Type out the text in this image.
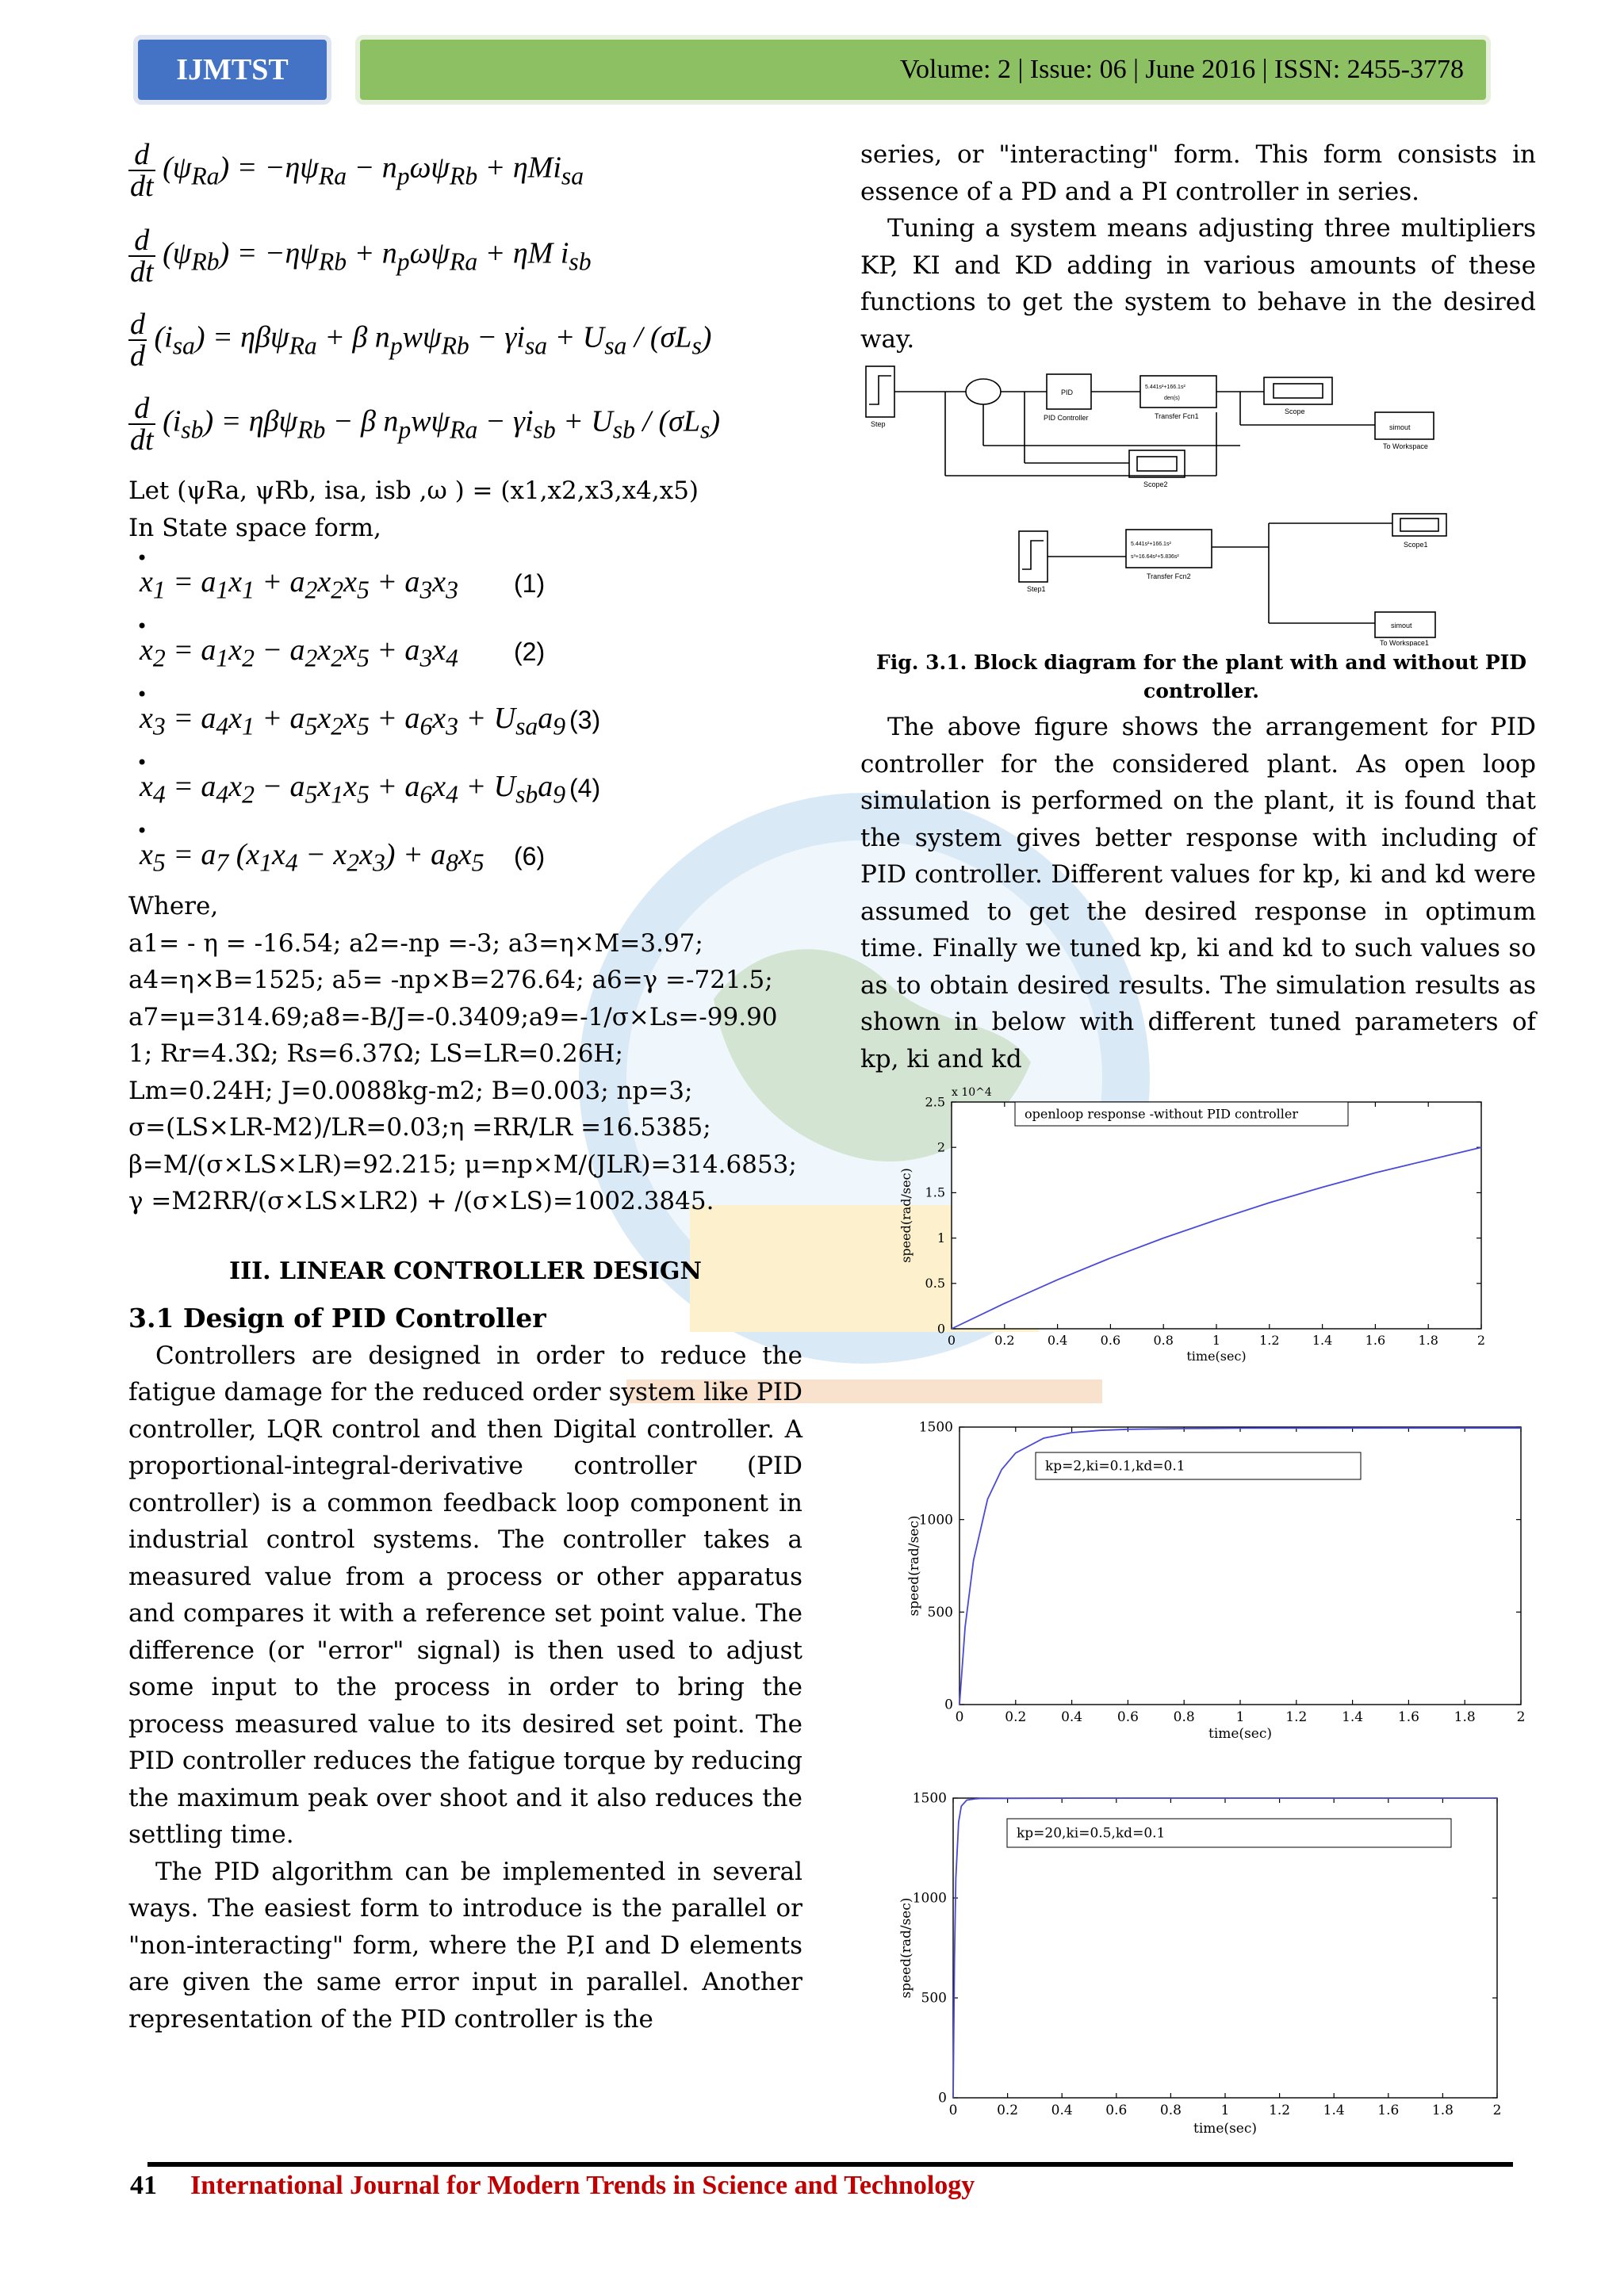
IJMTST	Volume: 2 | Issue: 06 | June 2016 | ISSN: 2455-3778
d
dt $(\psi_{Ra}) = -\eta\psi_{Ra} - n_p\omega\psi_{Rb} + \eta Mi_{sa}$
d
dt $(\psi_{Rb}) = -\eta\psi_{Rb} + n_p\omega\psi_{Ra} + \eta M$ $i_{sb}$
d
d $(i_{sa}) = \eta\beta\psi_{Ra} + \beta$ $n_pw\psi_{Rb} - \gamma i_{sa} + U_{sa} / (\sigma L_s)$
d
dt $(i_{sb}) = \eta\beta\psi_{Rb} - \beta$ $n_pw\psi_{Ra} - \gamma i_{sb} + U_{sb} / (\sigma L_s)$

Let (ψRa, ψRb, isa, isb ,ω ) = (x1,x2,x3,x4,x5)

In State space form,

•
$x_1 = a_1x_1 + a_2x_2x_5 + a_3x_3$ (1)
•
$x_2 = a_1x_2 - a_2x_2x_5 + a_3x_4$ (2)
•
$x_3 = a_4x_1 + a_5x_2x_5 + a_6x_3 + U_{sa}a_9$ (3)
•
$x_4 = a_4x_2 - a_5x_1x_5 + a_6x_4 + U_{sb}a_9$ (4)
•
$x_5 = a_7$ $(x_1x_4 - x_2x_3) + a_8x_5$ (6)

Where,

a1= - η = -16.54; a2=-np =-3; a3=η×M=3.97;

a4=η×B=1525; a5= -np×B=276.64; a6=γ =-721.5;

a7=μ=314.69;a8=-B/J=-0.3409;a9=-1/σ×Ls=-99.90

1; Rr=4.3Ω; Rs=6.37Ω; LS=LR=0.26H;

Lm=0.24H; J=0.0088kg-m2; B=0.003; np=3;

σ=(LS×LR-M2)/LR=0.03;η =RR/LR =16.5385;

β=M/(σ×LS×LR)=92.215; μ=np×M/(JLR)=314.6853;

γ =M2RR/(σ×LS×LR2) + /(σ×LS)=1002.3845.

III. LINEAR CONTROLLER DESIGN

3.1 Design of PID Controller

Controllers are designed in order to reduce the fatigue damage for the reduced order system like PID controller, LQR control and then Digital controller. A proportional-integral-derivative controller (PID controller) is a common feedback loop component in industrial control systems. The controller takes a measured value from a process or other apparatus and compares it with a reference set point value. The difference (or "error" signal) is then used to adjust some input to the process in order to bring the process measured value to its desired set point. The PID controller reduces the fatigue torque by reducing the maximum peak over shoot and it also reduces the settling time.

The PID algorithm can be implemented in several ways. The easiest form to introduce is the parallel or "non-interacting" form, where the P,I and D elements are given the same error input in parallel. Another representation of the PID controller is the

series, or "interacting" form. This form consists in essence of a PD and a PI controller in series.

Tuning a system means adjusting three multipliers KP, KI and KD adding in various amounts of these functions to get the system to behave in the desired way.

Step
PID
PID Controller
5.441s²+166.1s²
den(s)
Transfer Fcn1
Scope
simout
To Workspace
Scope2
Step1
5.441s²+166.1s²
s³+16.64s²+5.836s²
Transfer Fcn2
Scope1
simout
To Workspace1
Fig. 3.1. Block diagram for the plant with and without PID controller.

The above figure shows the arrangement for PID controller for the considered plant. As open loop simulation is performed on the plant, it is found that the system gives better response with including of PID controller. Different values for kp, ki and kd were assumed to get the desired response in optimum time. Finally we tuned kp, ki and kd to such values so as to obtain desired results. The simulation results as shown in below with different tuned parameters of kp, ki and kd

0	0.2	0.4	0.6	0.8	1	1.2	1.4	1.6	1.8	2
0
0.5
1
1.5
2
2.5
x 10^4
time(sec)
speed(rad/sec)
openloop response -without PID controller
0	0.2	0.4	0.6	0.8	1	1.2	1.4	1.6	1.8	2
0
500
1000
1500
time(sec)
speed(rad/sec)
kp=2,ki=0.1,kd=0.1
0	0.2 0.4 0.6 0.8	1	1.2 1.4 1.6 1.8	2
0
500
1000
1500
time(sec)
speed(rad/sec)
kp=20,ki=0.5,kd=0.1
41 International Journal for Modern Trends in Science and Technology
